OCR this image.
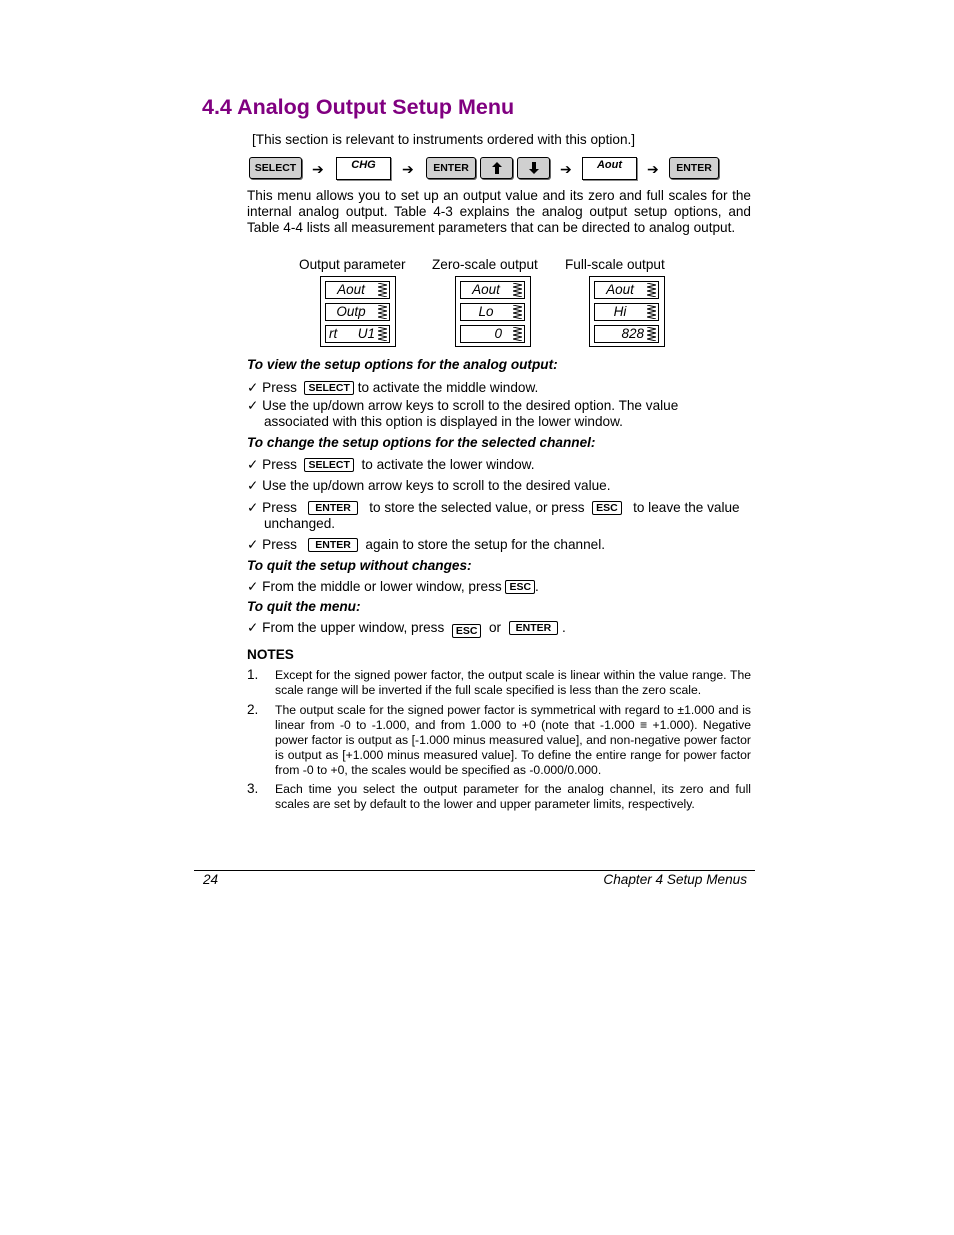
4.4 Analog Output Setup Menu
[This section is relevant to instruments ordered with this option.]
SELECT	➔	CHG	➔	ENTER	➔	Aout	➔	ENTER
This menu allows you to set up an output value and its zero and full scales for the internal analog output. Table 4-3 explains the analog output setup options, and Table 4-4 lists all measurement parameters that can be directed to analog output.
Output parameter Zero-scale output Full-scale output
Aout
Outp
rt U1
Aout
Lo
0
Aout
Hi
828
To view the setup options for the analog output:
✓ Press SELECT to activate the middle window.
✓ Use the up/down arrow keys to scroll to the desired option. The value
associated with this option is displayed in the lower window.
To change the setup options for the selected channel:
✓ Press SELECT to activate the lower window.
✓ Use the up/down arrow keys to scroll to the desired value.
✓ Press ENTER to store the selected value, or press ESC to leave the value
unchanged.
✓ Press ENTER again to store the setup for the channel.
To quit the setup without changes:
✓ From the middle or lower window, press ESC .
To quit the menu:
✓ From the upper window, press ESC or ENTER .
NOTES
1. Except for the signed power factor, the output scale is linear within the value range. The scale range will be inverted if the full scale specified is less than the zero scale.
2. The output scale for the signed power factor is symmetrical with regard to ±1.000 and is linear from -0 to -1.000, and from 1.000 to +0 (note that -1.000 ≡ +1.000). Negative power factor is output as [-1.000 minus measured value], and non-negative power factor is output as [+1.000 minus measured value]. To define the entire range for power factor from -0 to +0, the scales would be specified as -0.000/0.000.
3. Each time you select the output parameter for the analog channel, its zero and full scales are set by default to the lower and upper parameter limits, respectively.
24	Chapter 4 Setup Menus
